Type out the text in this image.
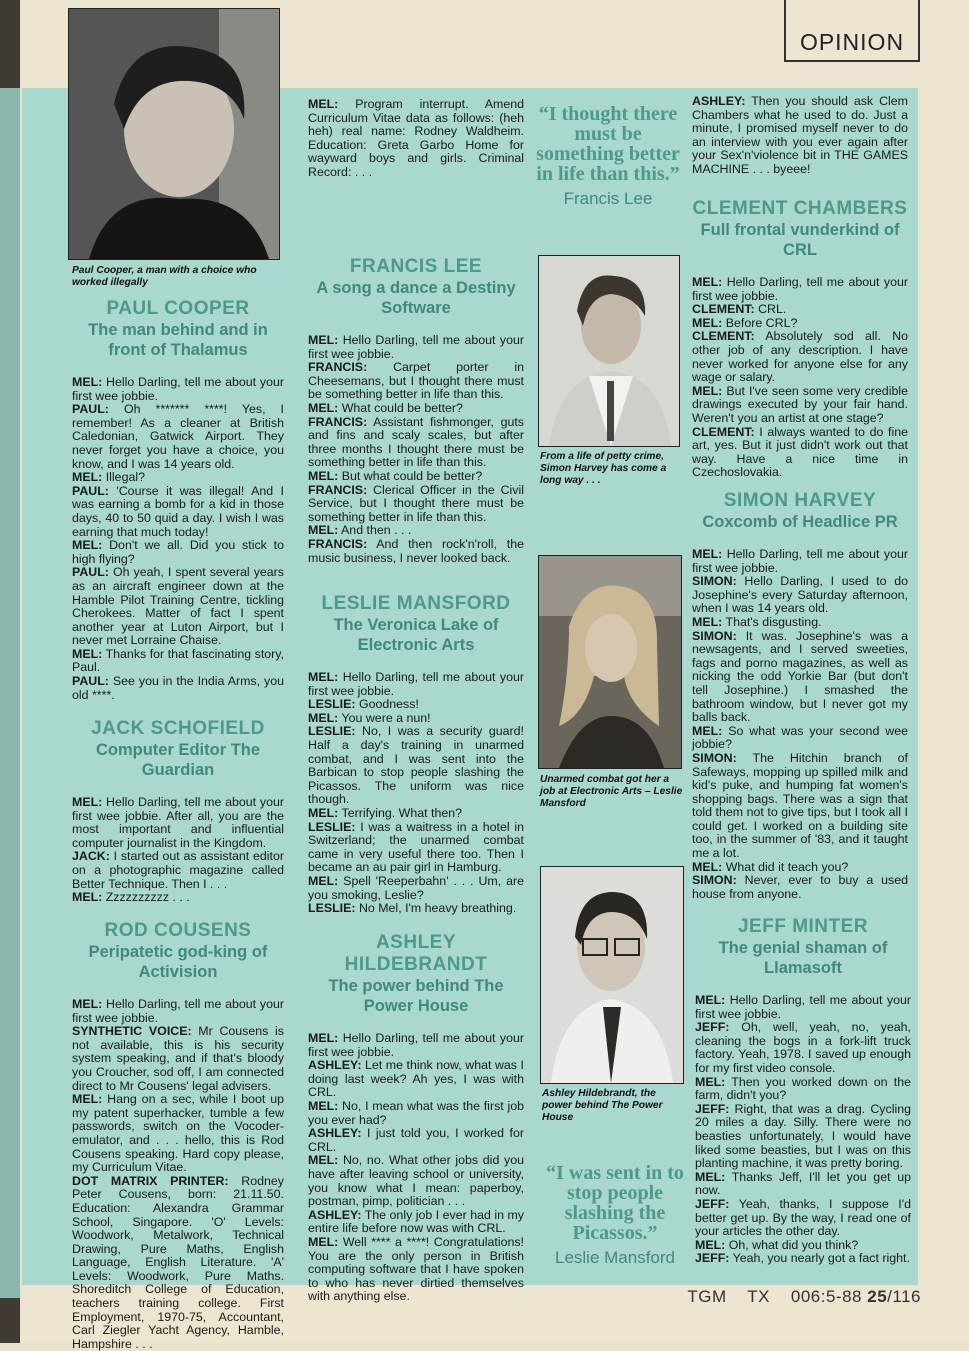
OPINION
Paul Cooper, a man with a choice who worked illegally
From a life of petty crime, Simon Harvey has come a long way . . .
Unarmed combat got her a job at Electronic Arts – Leslie Mansford
Ashley Hildebrandt, the power behind The Power House

“I thought there must be something better in life than this.”

Francis Lee

“I was sent in to stop people slashing the Picassos.”

Leslie Mansford
PAUL COOPER

The man behind and in front of Thalamus

MEL: Hello Darling, tell me about your first wee jobbie.
PAUL: Oh ******* ****! Yes, I remember! As a cleaner at British Caledonian, Gatwick Airport. They never forget you have a choice, you know, and I was 14 years old.
MEL: Illegal?
PAUL: 'Course it was illegal! And I was earning a bomb for a kid in those days, 40 to 50 quid a day. I wish I was earning that much today!
MEL: Don't we all. Did you stick to high flying?
PAUL: Oh yeah, I spent several years as an aircraft engineer down at the Hamble Pilot Training Centre, tickling Cherokees. Matter of fact I spent another year at Luton Airport, but I never met Lorraine Chaise.
MEL: Thanks for that fascinating story, Paul.
PAUL: See you in the India Arms, you old ****.

JACK SCHOFIELD

Computer Editor The Guardian

MEL: Hello Darling, tell me about your first wee jobbie. After all, you are the most important and influential computer journalist in the Kingdom.
JACK: I started out as assistant editor on a photographic magazine called Better Technique. Then I . . .
MEL: Zzzzzzzzzz . . .

ROD COUSENS

Peripatetic god-king of Activision

MEL: Hello Darling, tell me about your first wee jobbie.
SYNTHETIC VOICE: Mr Cousens is not available, this is his security system speaking, and if that's bloody you Croucher, sod off, I am connected direct to Mr Cousens' legal advisers.
MEL: Hang on a sec, while I boot up my patent superhacker, tumble a few passwords, switch on the Vocoder-emulator, and . . . hello, this is Rod Cousens speaking. Hard copy please, my Curriculum Vitae.
DOT MATRIX PRINTER: Rodney Peter Cousens, born: 21.11.50. Education: Alexandra Grammar School, Singapore. 'O' Levels: Woodwork, Metalwork, Technical Drawing, Pure Maths, English Language, English Literature. 'A' Levels: Woodwork, Pure Maths. Shoreditch College of Education, teachers training college. First Employment, 1970-75, Accountant, Carl Ziegler Yacht Agency, Hamble, Hampshire . . .

MEL: Program interrupt. Amend Curriculum Vitae data as follows: (heh heh) real name: Rodney Waldheim. Education: Greta Garbo Home for wayward boys and girls. Criminal Record: . . .

FRANCIS LEE

A song a dance a Destiny Software

MEL: Hello Darling, tell me about your first wee jobbie.
FRANCIS: Carpet porter in Cheesemans, but I thought there must be something better in life than this.
MEL: What could be better?
FRANCIS: Assistant fishmonger, guts and fins and scaly scales, but after three months I thought there must be something better in life than this.
MEL: But what could be better?
FRANCIS: Clerical Officer in the Civil Service, but I thought there must be something better in life than this.
MEL: And then . . .
FRANCIS: And then rock'n'roll, the music business, I never looked back.

LESLIE MANSFORD

The Veronica Lake of Electronic Arts

MEL: Hello Darling, tell me about your first wee jobbie.
LESLIE: Goodness!
MEL: You were a nun!
LESLIE: No, I was a security guard! Half a day's training in unarmed combat, and I was sent into the Barbican to stop people slashing the Picassos. The uniform was nice though.
MEL: Terrifying. What then?
LESLIE: I was a waitress in a hotel in Switzerland; the unarmed combat came in very useful there too. Then I became an au pair girl in Hamburg.
MEL: Spell 'Reeperbahn' . . . Um, are you smoking, Leslie?
LESLIE: No Mel, I'm heavy breathing.

ASHLEY HILDEBRANDT

The power behind The Power House

MEL: Hello Darling, tell me about your first wee jobbie.
ASHLEY: Let me think now, what was I doing last week? Ah yes, I was with CRL.
MEL: No, I mean what was the first job you ever had?
ASHLEY: I just told you, I worked for CRL.
MEL: No, no. What other jobs did you have after leaving school or university, you know what I mean: paperboy, postman, pimp, politician . . .
ASHLEY: The only job I ever had in my entire life before now was with CRL.
MEL: Well **** a ****! Congratulations! You are the only person in British computing software that I have spoken to who has never dirtied themselves with anything else.

ASHLEY: Then you should ask Clem Chambers what he used to do. Just a minute, I promised myself never to do an interview with you ever again after your Sex'n'violence bit in THE GAMES MACHINE . . . byeee!

CLEMENT CHAMBERS

Full frontal vunderkind of CRL

MEL: Hello Darling, tell me about your first wee jobbie.
CLEMENT: CRL.
MEL: Before CRL?
CLEMENT: Absolutely sod all. No other job of any description. I have never worked for anyone else for any wage or salary.
MEL: But I've seen some very credible drawings executed by your fair hand. Weren't you an artist at one stage?
CLEMENT: I always wanted to do fine art, yes. But it just didn't work out that way. Have a nice time in Czechoslovakia.

SIMON HARVEY

Coxcomb of Headlice PR

MEL: Hello Darling, tell me about your first wee jobbie.
SIMON: Hello Darling, I used to do Josephine's every Saturday afternoon, when I was 14 years old.
MEL: That's disgusting.
SIMON: It was. Josephine's was a newsagents, and I served sweeties, fags and porno magazines, as well as nicking the odd Yorkie Bar (but don't tell Josephine.) I smashed the bathroom window, but I never got my balls back.
MEL: So what was your second wee jobbie?
SIMON: The Hitchin branch of Safeways, mopping up spilled milk and kid's puke, and humping fat women's shopping bags. There was a sign that told them not to give tips, but I took all I could get. I worked on a building site too, in the summer of '83, and it taught me a lot.
MEL: What did it teach you?
SIMON: Never, ever to buy a used house from anyone.

JEFF MINTER

The genial shaman of Llamasoft

MEL: Hello Darling, tell me about your first wee jobbie.
JEFF: Oh, well, yeah, no, yeah, cleaning the bogs in a fork-lift truck factory. Yeah, 1978. I saved up enough for my first video console.
MEL: Then you worked down on the farm, didn't you?
JEFF: Right, that was a drag. Cycling 20 miles a day. Silly. There were no beasties unfortunately, I would have liked some beasties, but I was on this planting machine, it was pretty boring.
MEL: Thanks Jeff, I'll let you get up now.
JEFF: Yeah, thanks, I suppose I'd better get up. By the way, I read one of your articles the other day.
MEL: Oh, what did you think?
JEFF: Yeah, you nearly got a fact right.

TGM TX 006:5-88 25/116
